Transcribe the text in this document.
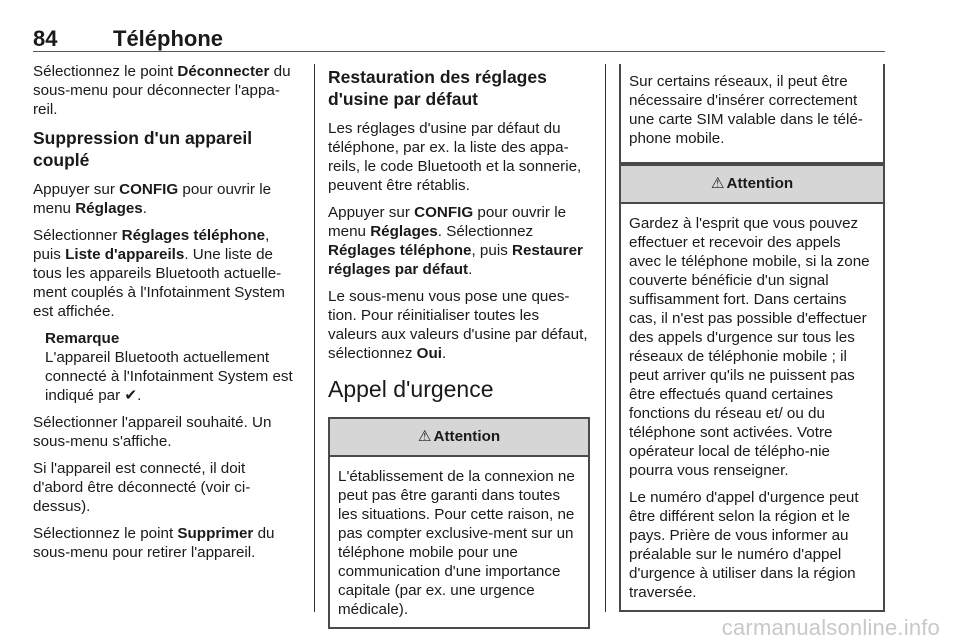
84	Téléphone

Sélectionnez le point Déconnecter du sous-menu pour déconnecter l'appa-reil.

Suppression d'un appareil couplé

Appuyer sur CONFIG pour ouvrir le menu Réglages.

Sélectionner Réglages téléphone, puis Liste d'appareils. Une liste de tous les appareils Bluetooth actuelle-ment couplés à l'Infotainment System est affichée.

Remarque
L'appareil Bluetooth actuellement connecté à l'Infotainment System est indiqué par ✔.

Sélectionner l'appareil souhaité. Un sous-menu s'affiche.

Si l'appareil est connecté, il doit d'abord être déconnecté (voir ci-dessus).

Sélectionnez le point Supprimer du sous-menu pour retirer l'appareil.

Restauration des réglages d'usine par défaut

Les réglages d'usine par défaut du téléphone, par ex. la liste des appa-reils, le code Bluetooth et la sonnerie, peuvent être rétablis.

Appuyer sur CONFIG pour ouvrir le menu Réglages. Sélectionnez Réglages téléphone, puis Restaurer réglages par défaut.

Le sous-menu vous pose une ques-tion. Pour réinitialiser toutes les valeurs aux valeurs d'usine par défaut, sélectionnez Oui.

Appel d'urgence
⚠ Attention

L'établissement de la connexion ne peut pas être garanti dans toutes les situations. Pour cette raison, ne pas compter exclusive-ment sur un téléphone mobile pour une communication d'une importance capitale (par ex. une urgence médicale).

Sur certains réseaux, il peut être nécessaire d'insérer correctement une carte SIM valable dans le télé-phone mobile.
⚠ Attention

Gardez à l'esprit que vous pouvez effectuer et recevoir des appels avec le téléphone mobile, si la zone couverte bénéficie d'un signal suffisamment fort. Dans certains cas, il n'est pas possible d'effectuer des appels d'urgence sur tous les réseaux de téléphonie mobile ; il peut arriver qu'ils ne puissent pas être effectués quand certaines fonctions du réseau et/ ou du téléphone sont activées. Votre opérateur local de télépho-nie pourra vous renseigner.

Le numéro d'appel d'urgence peut être différent selon la région et le pays. Prière de vous informer au préalable sur le numéro d'appel d'urgence à utiliser dans la région traversée.

carmanualsonline.info
